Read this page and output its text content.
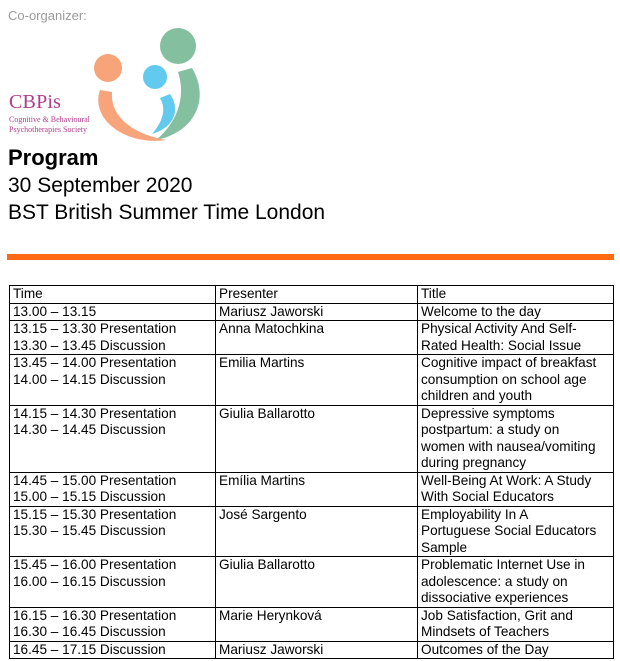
Co-organizer:
CBPis
Cognitive & Behavioural
Psychotherapies Society
Program
30 September 2020
BST British Summer Time London
Time	Presenter	Title

13.00 – 13.15	Mariusz Jaworski	Welcome to the day

13.15 – 13.30 Presentation
13.30 – 13.45 Discussion	Anna Matochkina	Physical Activity And Self-
Rated Health: Social Issue

13.45 – 14.00 Presentation
14.00 – 14.15 Discussion	Emilia Martins	Cognitive impact of breakfast
consumption on school age
children and youth

14.15 – 14.30 Presentation
14.30 – 14.45 Discussion	Giulia Ballarotto	Depressive symptoms
postpartum: a study on
women with nausea/vomiting
during pregnancy

14.45 – 15.00 Presentation
15.00 – 15.15 Discussion	Emília Martins	Well-Being At Work: A Study
With Social Educators

15.15 – 15.30 Presentation
15.30 – 15.45 Discussion	José Sargento	Employability In A
Portuguese Social Educators
Sample

15.45 – 16.00 Presentation
16.00 – 16.15 Discussion	Giulia Ballarotto	Problematic Internet Use in
adolescence: a study on
dissociative experiences

16.15 – 16.30 Presentation
16.30 – 16.45 Discussion	Marie Herynková	Job Satisfaction, Grit and
Mindsets of Teachers

16.45 – 17.15 Discussion	Mariusz Jaworski	Outcomes of the Day
